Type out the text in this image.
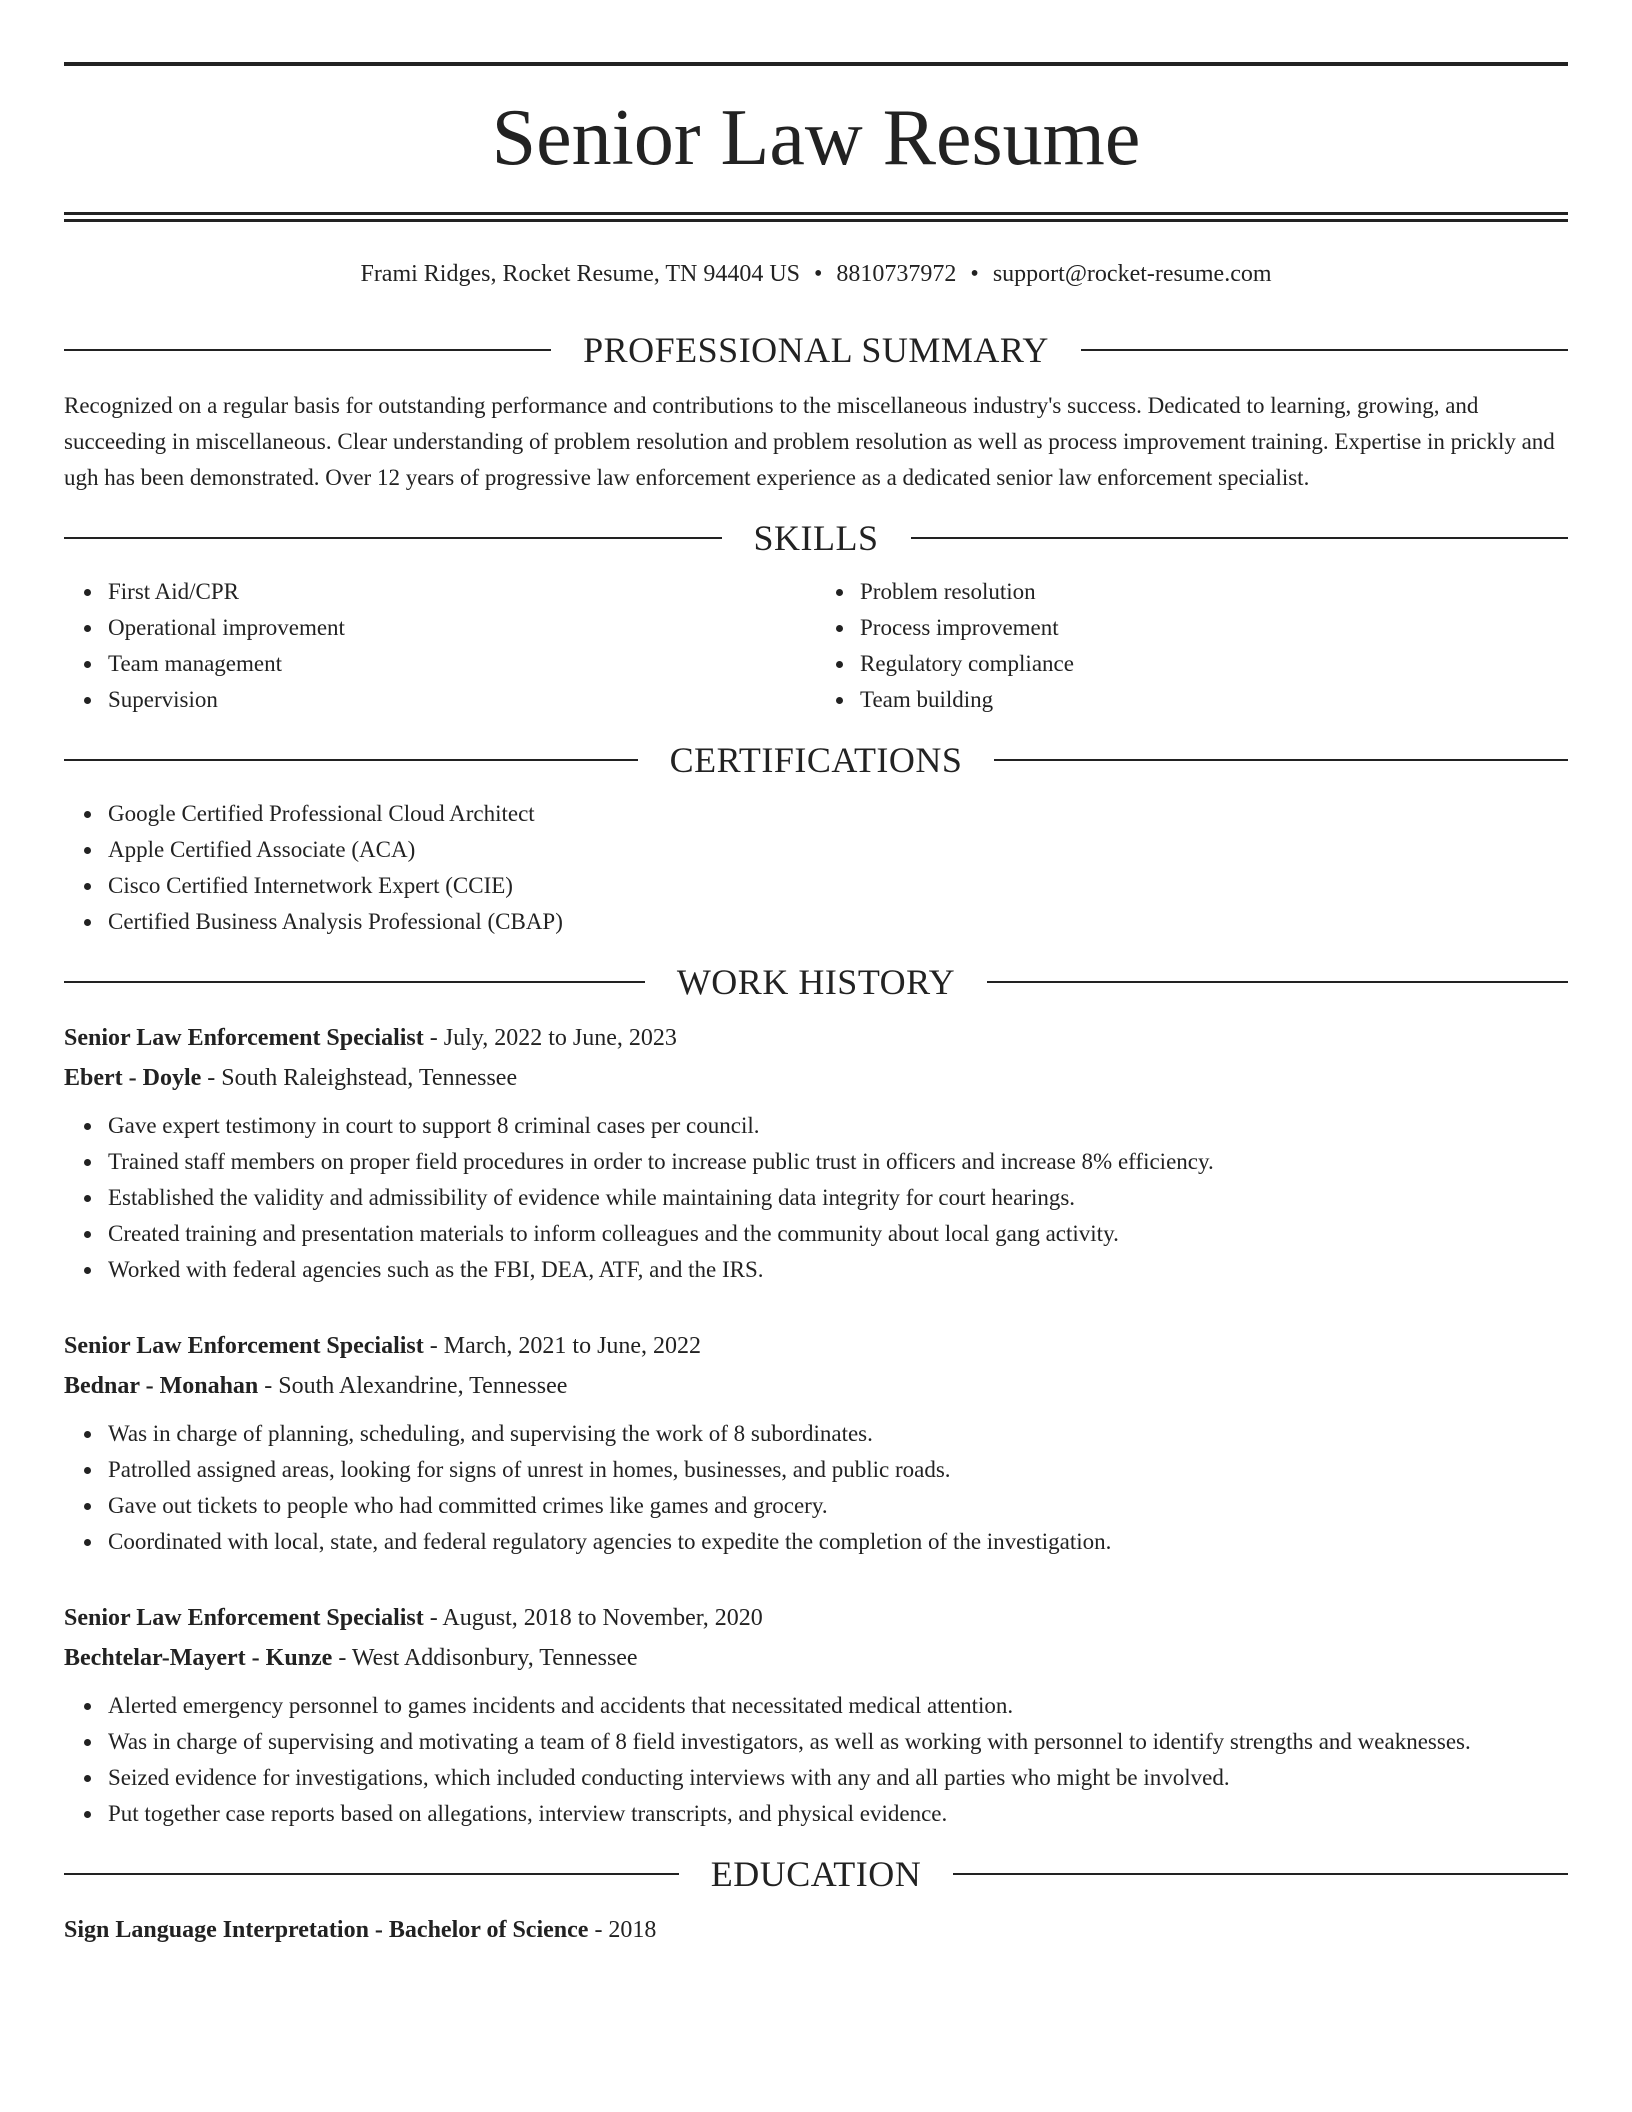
Senior Law Resume
Frami Ridges, Rocket Resume, TN 94404 US • 8810737972 • support@rocket-resume.com
PROFESSIONAL SUMMARY

Recognized on a regular basis for outstanding performance and contributions to the miscellaneous industry's success. Dedicated to learning, growing, and succeeding in miscellaneous. Clear understanding of problem resolution and problem resolution as well as process improvement training. Expertise in prickly and ugh has been demonstrated. Over 12 years of progressive law enforcement experience as a dedicated senior law enforcement specialist.

SKILLS
First Aid/CPR
Operational improvement
Team management
Supervision
Problem resolution
Process improvement
Regulatory compliance
Team building
CERTIFICATIONS
Google Certified Professional Cloud Architect
Apple Certified Associate (ACA)
Cisco Certified Internetwork Expert (CCIE)
Certified Business Analysis Professional (CBAP)
WORK HISTORY
Senior Law Enforcement Specialist - July, 2022 to June, 2023
Ebert - Doyle - South Raleighstead, Tennessee
Gave expert testimony in court to support 8 criminal cases per council.
Trained staff members on proper field procedures in order to increase public trust in officers and increase 8% efficiency.
Established the validity and admissibility of evidence while maintaining data integrity for court hearings.
Created training and presentation materials to inform colleagues and the community about local gang activity.
Worked with federal agencies such as the FBI, DEA, ATF, and the IRS.
Senior Law Enforcement Specialist - March, 2021 to June, 2022
Bednar - Monahan - South Alexandrine, Tennessee
Was in charge of planning, scheduling, and supervising the work of 8 subordinates.
Patrolled assigned areas, looking for signs of unrest in homes, businesses, and public roads.
Gave out tickets to people who had committed crimes like games and grocery.
Coordinated with local, state, and federal regulatory agencies to expedite the completion of the investigation.
Senior Law Enforcement Specialist - August, 2018 to November, 2020
Bechtelar-Mayert - Kunze - West Addisonbury, Tennessee
Alerted emergency personnel to games incidents and accidents that necessitated medical attention.
Was in charge of supervising and motivating a team of 8 field investigators, as well as working with personnel to identify strengths and weaknesses.
Seized evidence for investigations, which included conducting interviews with any and all parties who might be involved.
Put together case reports based on allegations, interview transcripts, and physical evidence.
EDUCATION
Sign Language Interpretation - Bachelor of Science - 2018
